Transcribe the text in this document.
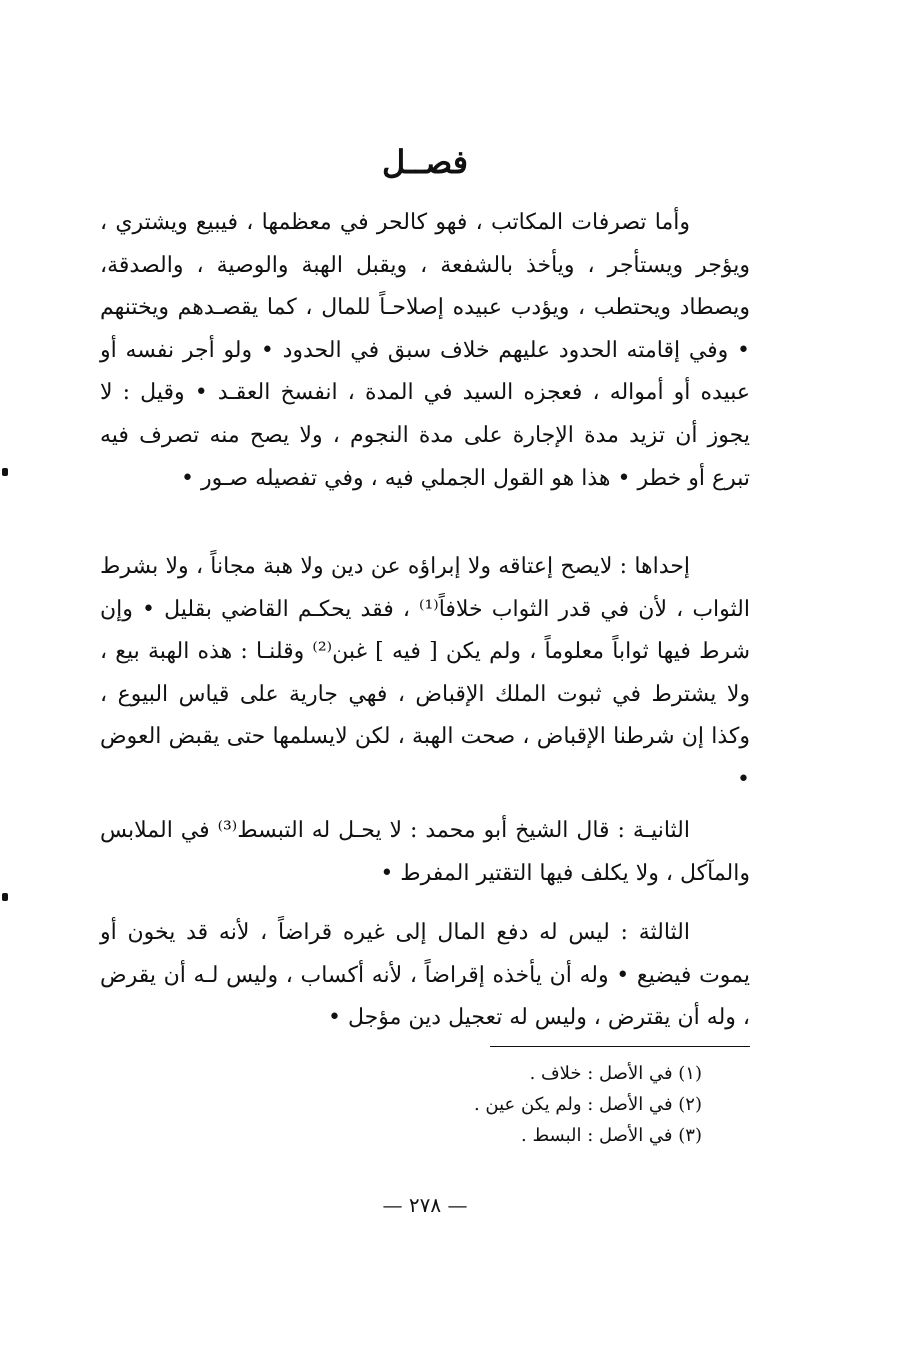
فصــل

وأما تصرفات المكاتب ، فهو كالحر في معظمها ، فيبيع ويشتري ، ويؤجر ويستأجر ، ويأخذ بالشفعة ، ويقبل الهبة والوصية ، والصدقة، ويصطاد ويحتطب ، ويؤدب عبيده إصلاحـاً للمال ، كما يقصـدهم ويختنهم • وفي إقامته الحدود عليهم خلاف سبق في الحدود • ولو أجر نفسه أو عبيده أو أمواله ، فعجزه السيد في المدة ، انفسخ العقـد • وقيل : لا يجوز أن تزيد مدة الإجارة على مدة النجوم ، ولا يصح منه تصرف فيه تبرع أو خطر • هذا هو القول الجملي فيه ، وفي تفصيله صـور •

إحداها : لايصح إعتاقه ولا إبراؤه عن دين ولا هبة مجاناً ، ولا بشرط الثواب ، لأن في قدر الثواب خلافاً⁽¹⁾ ، فقد يحكـم القاضي بقليل • وإن شرط فيها ثواباً معلوماً ، ولم يكن [ فيه ] غبن⁽²⁾ وقلنـا : هذه الهبة بيع ، ولا يشترط في ثبوت الملك الإقباض ، فهي جارية على قياس البيوع ، وكذا إن شرطنا الإقباض ، صحت الهبة ، لكن لايسلمها حتى يقبض العوض •

الثانيـة : قال الشيخ أبو محمد : لا يحـل له التبسط⁽³⁾ في الملابس والمآكل ، ولا يكلف فيها التقتير المفرط •

الثالثة : ليس له دفع المال إلى غيره قراضاً ، لأنه قد يخون أو يموت فيضيع • وله أن يأخذه إقراضاً ، لأنه أكساب ، وليس لـه أن يقرض ، وله أن يقترض ، وليس له تعجيل دين مؤجل •

(١) في الأصل : خلاف .
(٢) في الأصل : ولم يكن عين .
(٣) في الأصل : البسط .
— ٢٧٨ —
